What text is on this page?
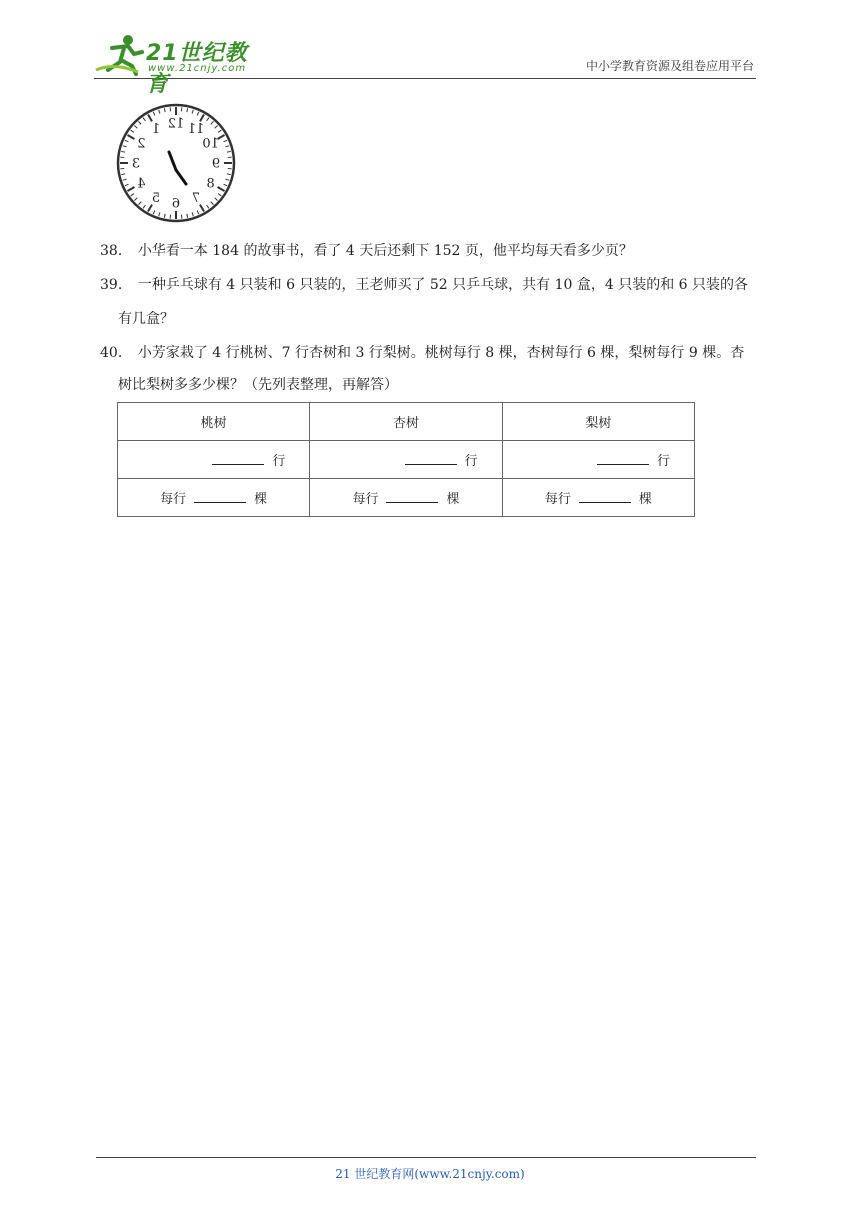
21世纪教育
www.21cnjy.com	中小学教育资源及组卷应用平台
12
1
2
3
4
5 6 7
8
9
10
11
38． 小华看一本 184 的故事书，看了 4 天后还剩下 152 页，他平均每天看多少页？
39． 一种乒乓球有 4 只装和 6 只装的，王老师买了 52 只乒乓球，共有 10 盒，4 只装的和 6 只装的各
有几盒？
40． 小芳家栽了 4 行桃树、7 行杏树和 3 行梨树。桃树每行 8 棵，杏树每行 6 棵，梨树每行 9 棵。杏
树比梨树多多少棵？（先列表整理，再解答）
桃树	杏树	梨树
行	行	行
每行 棵	每行 棵	每行 棵
21 世纪教育网(www.21cnjy.com)
